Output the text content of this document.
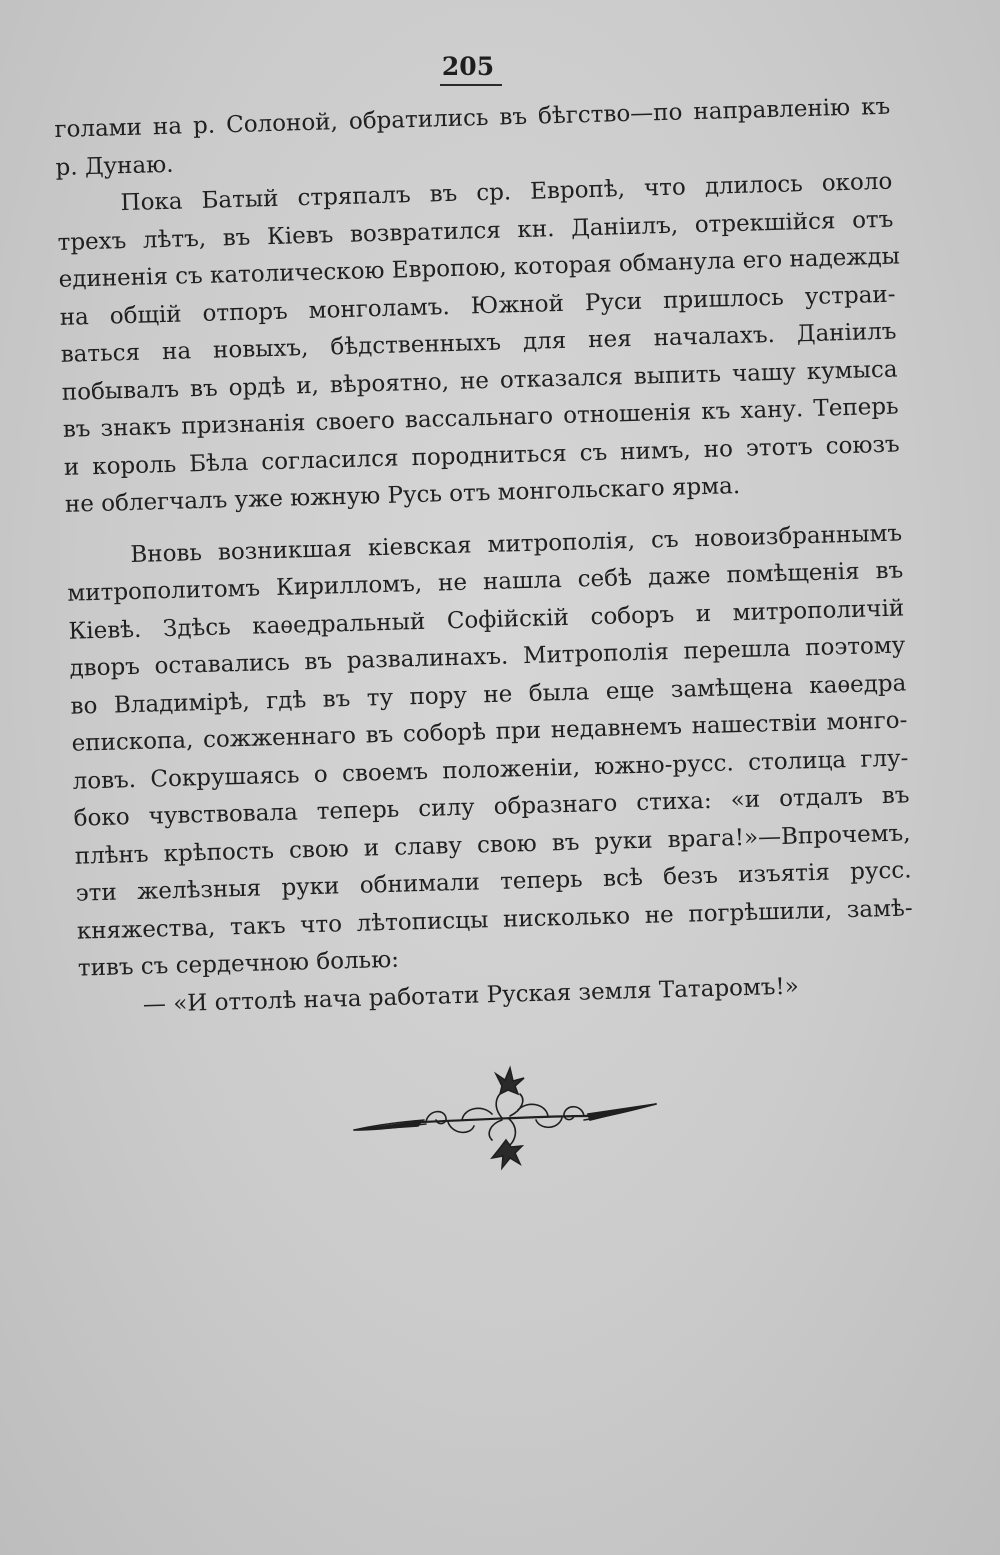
205
голами на р. Солоной, обратились въ бѣгство—по направленію къ
р. Дунаю.
Пока Батый стряпалъ въ ср. Европѣ, что длилось около
трехъ лѣтъ, въ Кіевъ возвратился кн. Даніилъ, отрекшійся отъ
единенія съ католическою Европою, которая обманула его надежды
на общій отпоръ монголамъ. Южной Руси пришлось устраи-
ваться на новыхъ, бѣдственныхъ для нея началахъ. Даніилъ
побывалъ въ ордѣ и, вѣроятно, не отказался выпить чашу кумыса
въ знакъ признанія своего вассальнаго отношенія къ хану. Теперь
и король Бѣла согласился породниться съ нимъ, но этотъ союзъ
не облегчалъ уже южную Русь отъ монгольскаго ярма.
Вновь возникшая кіевская митрополія, съ новоизбраннымъ
митрополитомъ Кирилломъ, не нашла себѣ даже помѣщенія въ
Кіевѣ. Здѣсь каѳедральный Софійскій соборъ и митрополичій
дворъ оставались въ развалинахъ. Митрополія перешла поэтому
во Владимірѣ, гдѣ въ ту пору не была еще замѣщена каѳедра
епископа, сожженнаго въ соборѣ при недавнемъ нашествіи монго-
ловъ. Сокрушаясь о своемъ положеніи, южно-русс. столица глу-
боко чувствовала теперь силу образнаго стиха: «и отдалъ въ
плѣнъ крѣпость свою и славу свою въ руки врага!»—Впрочемъ,
эти желѣзныя руки обнимали теперь всѣ безъ изъятія русс.
княжества, такъ что лѣтописцы нисколько не погрѣшили, замѣ-
тивъ съ сердечною болью:
— «И оттолѣ нача работати Руская земля Татаромъ!»
